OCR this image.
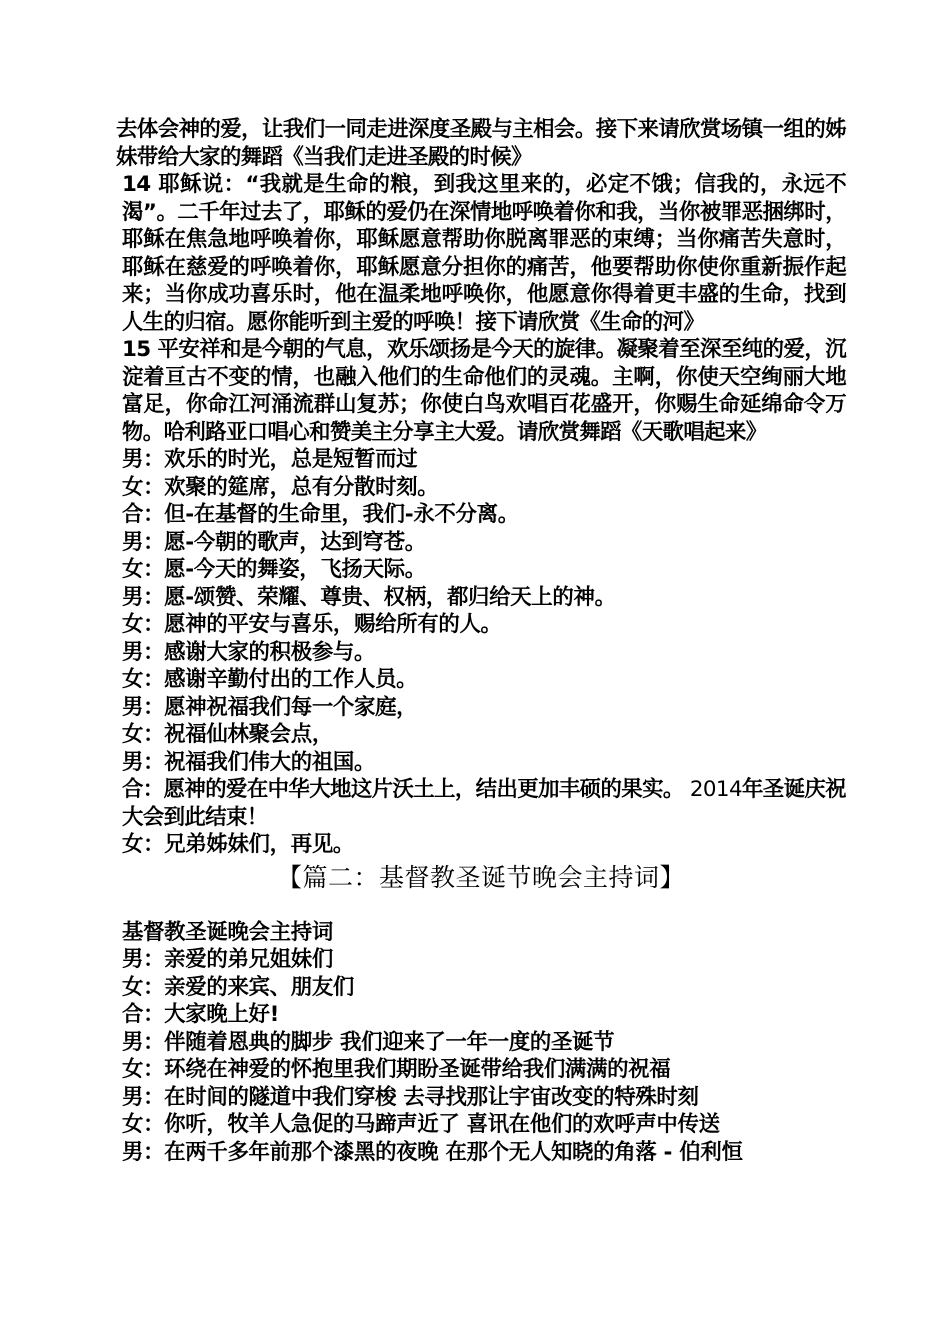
去体会神的爱，让我们一同走进深度圣殿与主相会。接下来请欣赏场镇一组的姊妹带给大家的舞蹈《当我们走进圣殿的时候》

14 耶稣说：“我就是生命的粮，到我这里来的，必定不饿；信我的，永远不渴”。二千年过去了，耶稣的爱仍在深情地呼唤着你和我，当你被罪恶捆绑时，耶稣在焦急地呼唤着你，耶稣愿意帮助你脱离罪恶的束缚；当你痛苦失意时，耶稣在慈爱的呼唤着你，耶稣愿意分担你的痛苦，他要帮助你使你重新振作起来；当你成功喜乐时，他在温柔地呼唤你，他愿意你得着更丰盛的生命，找到人生的归宿。愿你能听到主爱的呼唤！接下请欣赏《生命的河》

15 平安祥和是今朝的气息，欢乐颂扬是今天的旋律。凝聚着至深至纯的爱，沉淀着亘古不变的情，也融入他们的生命他们的灵魂。主啊，你使天空绚丽大地富足，你命江河涌流群山复苏；你使白鸟欢唱百花盛开，你赐生命延绵命令万物。哈利路亚口唱心和赞美主分享主大爱。请欣赏舞蹈《天歌唱起来》

男：欢乐的时光，总是短暂而过

女：欢聚的筵席，总有分散时刻。

合：但-在基督的生命里，我们-永不分离。

男：愿-今朝的歌声，达到穹苍。

女：愿-今天的舞姿，飞扬天际。

男：愿-颂赞、荣耀、尊贵、权柄，都归给天上的神。

女：愿神的平安与喜乐，赐给所有的人。

男：感谢大家的积极参与。

女：感谢辛勤付出的工作人员。

男：愿神祝福我们每一个家庭，

女：祝福仙林聚会点，

男：祝福我们伟大的祖国。

合：愿神的爱在中华大地这片沃土上，结出更加丰硕的果实。 2014年圣诞庆祝大会到此结束！

女：兄弟姊妹们，再见。

【篇二：基督教圣诞节晚会主持词】

基督教圣诞晚会主持词

男：亲爱的弟兄姐妹们

女：亲爱的来宾、朋友们

合：大家晚上好!

男：伴随着恩典的脚步 我们迎来了一年一度的圣诞节

女：环绕在神爱的怀抱里我们期盼圣诞带给我们满满的祝福

男：在时间的隧道中我们穿梭 去寻找那让宇宙改变的特殊时刻

女：你听，牧羊人急促的马蹄声近了 喜讯在他们的欢呼声中传送

男：在两千多年前那个漆黑的夜晚 在那个无人知晓的角落 - 伯利恒
